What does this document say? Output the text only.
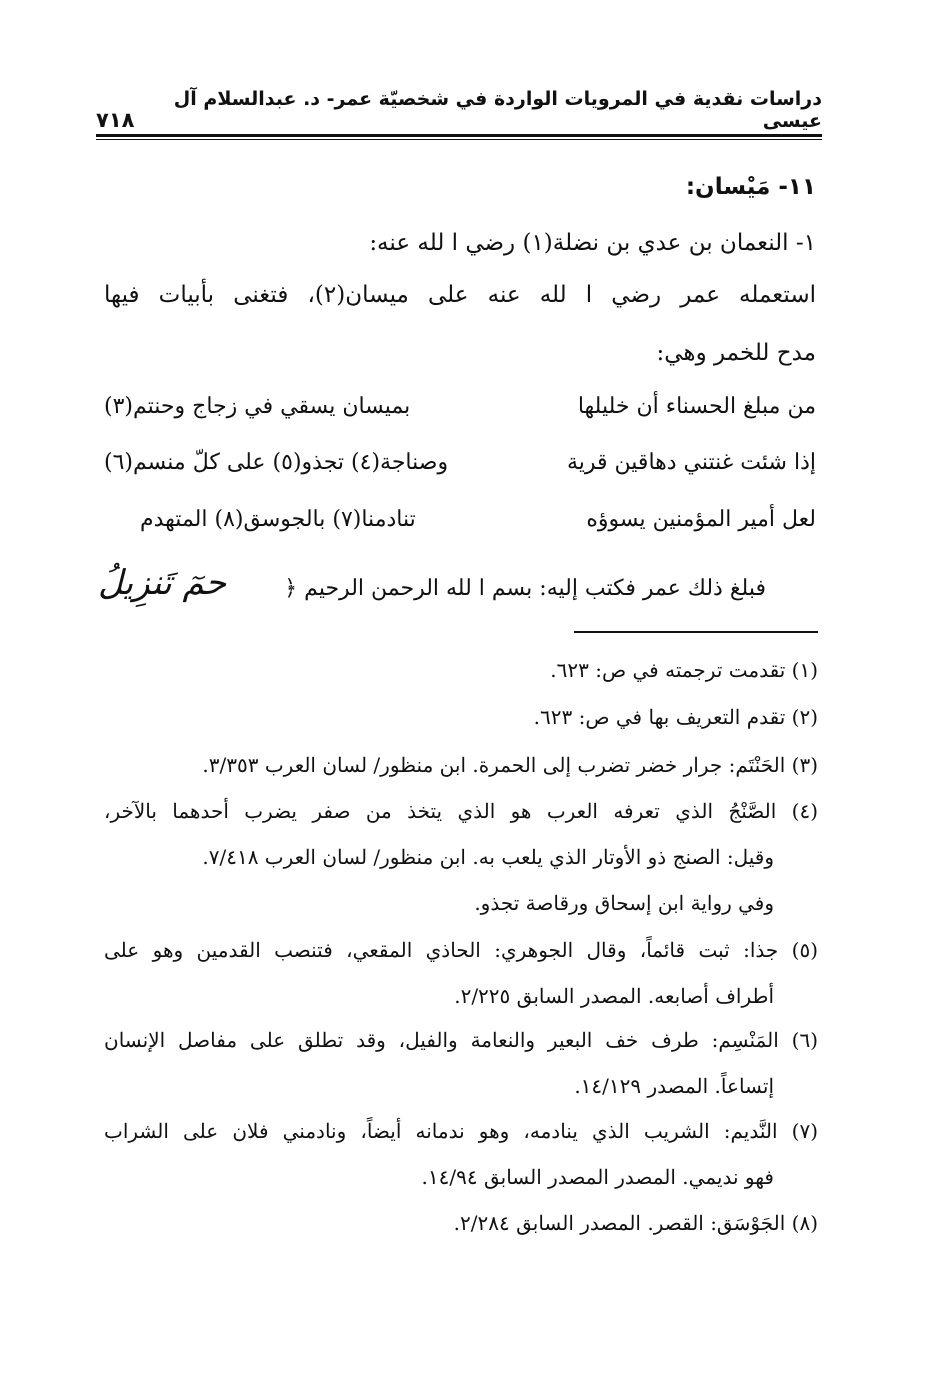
دراسات نقدية في المرويات الواردة في شخصيّة عمر- د. عبدالسلام آل عيسى
٧١٨
١١- مَيْسان:
١- النعمان بن عدي بن نضلة(١) رضي ا لله عنه:
استعمله عمر رضي ا لله عنه على ميسان(٢)، فتغنى بأبيات فيها
مدح للخمر وهي:
من مبلغ الحسناء أن خليلها
بميسان يسقي في زجاج وحنتم(٣)
إذا شئت غنتني دهاقين قرية
وصناجة(٤) تجذو(٥) على كلّ منسم(٦)
لعل أمير المؤمنين يسوؤه
تنادمنا(٧) بالجوسق(٨) المتهدم
فبلغ ذلك عمر فكتب إليه: بسم ا لله الرحمن الرحيم ﴿
حمٓ تَنزِيلُ
(١) تقدمت ترجمته في ص: ٦٢٣.
(٢) تقدم التعريف بها في ص: ٦٢٣.
(٣) الحَنْتَم: جرار خضر تضرب إلى الحمرة. ابن منظور/ لسان العرب ٣/٣٥٣.
(٤) الصَّنْجُ الذي تعرفه العرب هو الذي يتخذ من صفر يضرب أحدهما بالآخر،
وقيل: الصنج ذو الأوتار الذي يلعب به. ابن منظور/ لسان العرب ٧/٤١٨.
وفي رواية ابن إسحاق ورقاصة تجذو.
(٥) جذا: ثبت قائماً، وقال الجوهري: الحاذي المقعي، فتنصب القدمين وهو على
أطراف أصابعه. المصدر السابق ٢/٢٢٥.
(٦) المَنْسِم: طرف خف البعير والنعامة والفيل، وقد تطلق على مفاصل الإنسان
إتساعاً. المصدر ١٤/١٢٩.
(٧) النَّديم: الشريب الذي ينادمه، وهو ندمانه أيضاً، ونادمني فلان على الشراب
فهو نديمي. المصدر المصدر السابق ١٤/٩٤.
(٨) الجَوْسَق: القصر. المصدر السابق ٢/٢٨٤.
